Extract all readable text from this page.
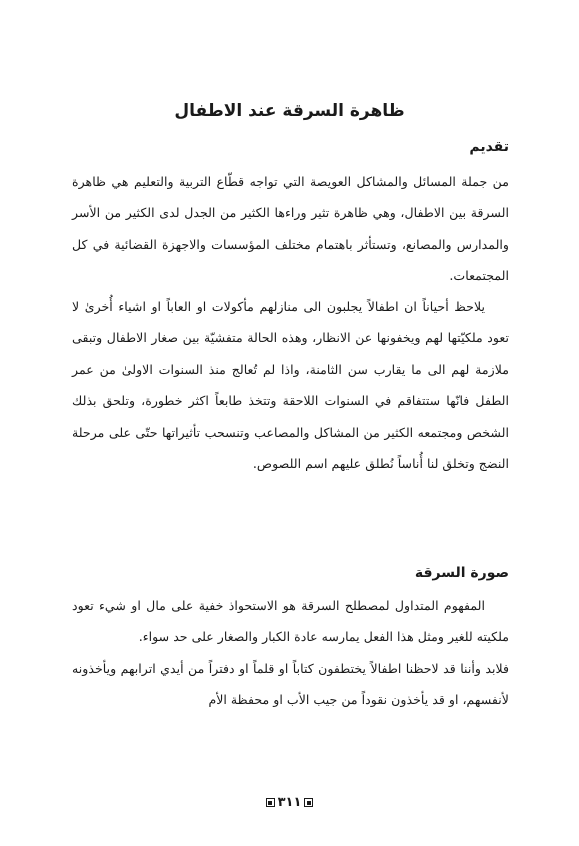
ظاهرة السرقة عند الاطفال
تقديم

من جملة المسائل والمشاكل العويصة التي تواجه قطّاع التربية والتعليم هي ظاهرة السرقة بين الاطفال، وهي ظاهرة تثير وراءها الكثير من الجدل لدى الكثير من الأسر والمدارس والمصانع، وتستأثر باهتمام مختلف المؤسسات والاجهزة القضائية في كل المجتمعات.

يلاحظ أحياناً ان اطفالاً يجلبون الى منازلهم مأكولات او العاباً او اشياء أُخرىٰ لا تعود ملكيّتها لهم ويخفونها عن الانظار، وهذه الحالة متفشيّة بين صغار الاطفال وتبقى ملازمة لهم الى ما يقارب سن الثامنة، واذا لم تُعالج منذ السنوات الاولىٰ من عمر الطفل فانّها ستتفاقم في السنوات اللاحقة وتتخذ طابعاً اكثر خطورة، وتلحق بذلك الشخص ومجتمعه الكثير من المشاكل والمصاعب وتنسحب تأثيراتها حتّى على مرحلة النضج وتخلق لنا أُناساً نُطلق عليهم اسم اللصوص.

صورة السرقة

المفهوم المتداول لمصطلح السرقة هو الاستحواذ خفية على مال او شيء تعود ملكيته للغير ومثل هذا الفعل يمارسه عادة الكبار والصغار على حد سواء.

فلابد وأننا قد لاحظنا اطفالاً يختطفون كتاباً او قلماً او دفتراً من أيدي اترابهم ويأخذونه لأنفسهم، او قد يأخذون نقوداً من جيب الأب او محفظة الأم

٣١١
